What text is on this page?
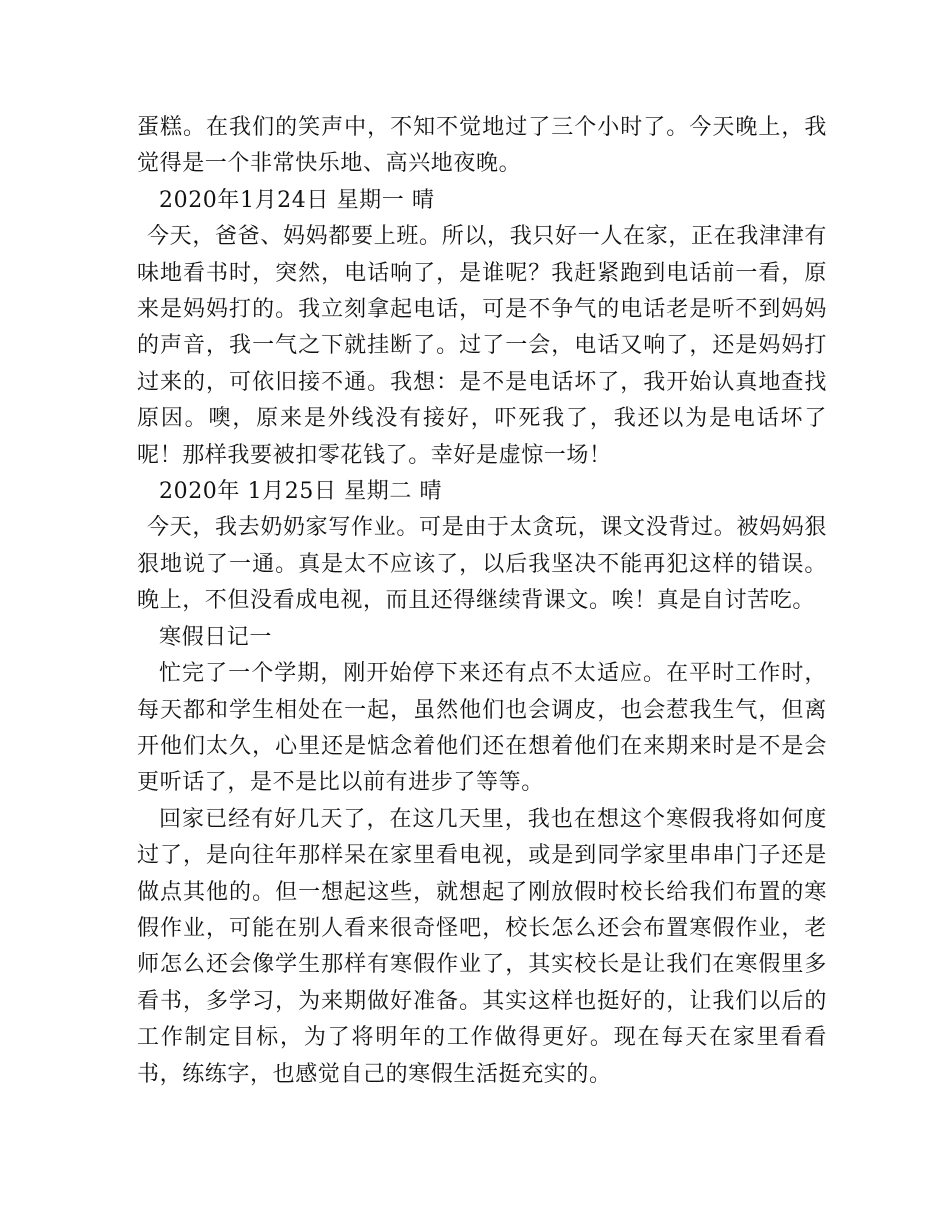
蛋糕。在我们的笑声中，不知不觉地过了三个小时了。今天晚上，我觉得是一个非常快乐地、高兴地夜晚。

2020年1月24日 星期一 晴

今天，爸爸、妈妈都要上班。所以，我只好一人在家，正在我津津有味地看书时，突然，电话响了，是谁呢？我赶紧跑到电话前一看，原来是妈妈打的。我立刻拿起电话，可是不争气的电话老是听不到妈妈的声音，我一气之下就挂断了。过了一会，电话又响了，还是妈妈打过来的，可依旧接不通。我想：是不是电话坏了，我开始认真地查找原因。噢，原来是外线没有接好，吓死我了，我还以为是电话坏了呢！那样我要被扣零花钱了。幸好是虚惊一场！

2020年 1月25日 星期二 晴

今天，我去奶奶家写作业。可是由于太贪玩，课文没背过。被妈妈狠狠地说了一通。真是太不应该了，以后我坚决不能再犯这样的错误。晚上，不但没看成电视，而且还得继续背课文。唉！真是自讨苦吃。

寒假日记一

忙完了一个学期，刚开始停下来还有点不太适应。在平时工作时，每天都和学生相处在一起，虽然他们也会调皮，也会惹我生气，但离开他们太久，心里还是惦念着他们还在想着他们在来期来时是不是会更听话了，是不是比以前有进步了等等。

回家已经有好几天了，在这几天里，我也在想这个寒假我将如何度过了，是向往年那样呆在家里看电视，或是到同学家里串串门子还是做点其他的。但一想起这些，就想起了刚放假时校长给我们布置的寒假作业，可能在别人看来很奇怪吧，校长怎么还会布置寒假作业，老师怎么还会像学生那样有寒假作业了，其实校长是让我们在寒假里多看书，多学习，为来期做好准备。其实这样也挺好的，让我们以后的工作制定目标，为了将明年的工作做得更好。现在每天在家里看看书，练练字，也感觉自己的寒假生活挺充实的。
